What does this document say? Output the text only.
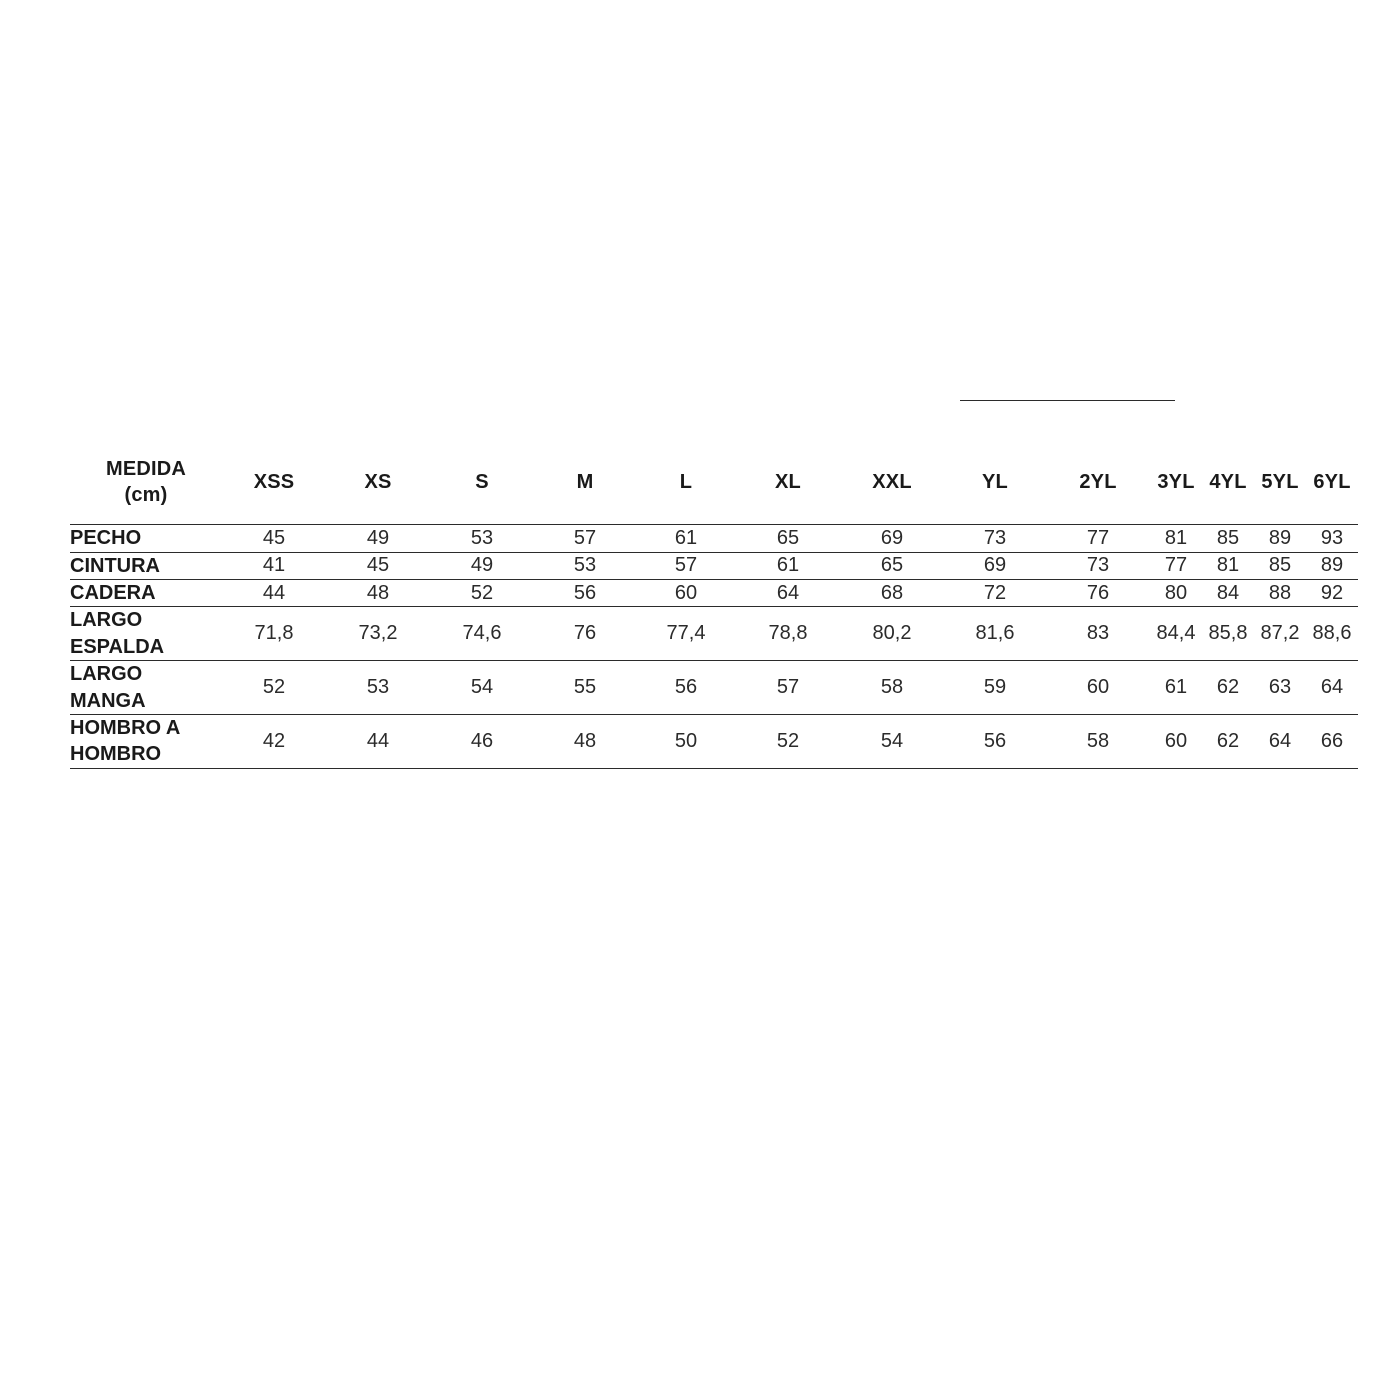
MEDIDA
(cm)	XSS	XS	S	M	L	XL	XXL	YL	2YL	3YL	4YL	5YL	6YL
PECHO	45	49	53	57	61	65	69	73	77	81	85	89	93
CINTURA	41	45	49	53	57	61	65	69	73	77	81	85	89
CADERA	44	48	52	56	60	64	68	72	76	80	84	88	92
LARGO ESPALDA	71,8	73,2	74,6	76	77,4	78,8	80,2	81,6	83	84,4	85,8	87,2	88,6
LARGO MANGA	52	53	54	55	56	57	58	59	60	61	62	63	64
HOMBRO A HOMBRO	42	44	46	48	50	52	54	56	58	60	62	64	66
